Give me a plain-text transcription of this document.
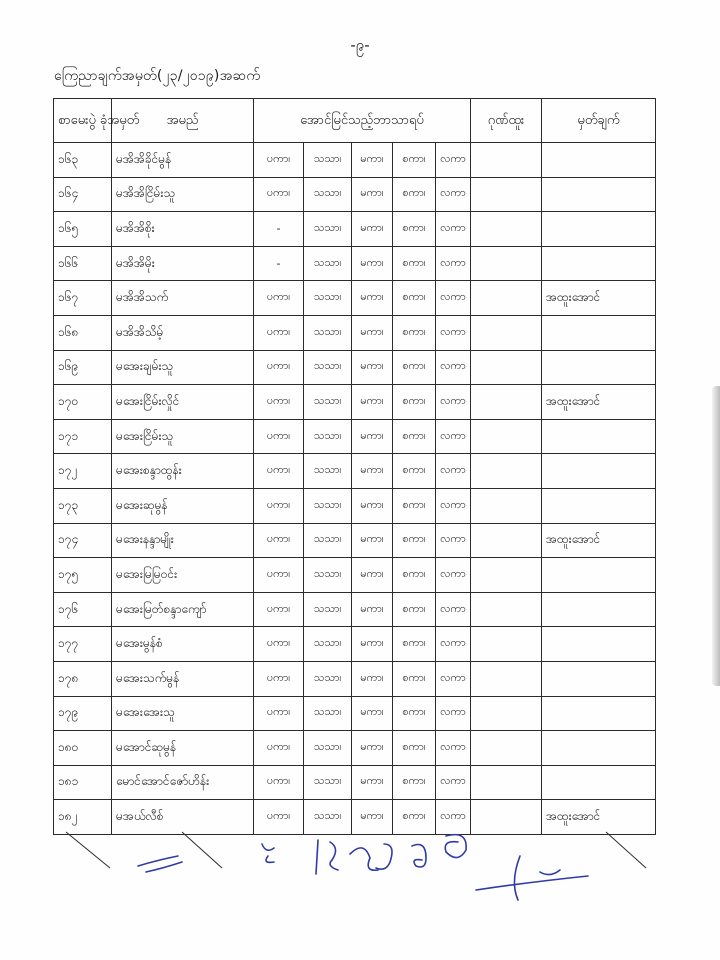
-၉-
ကြေညာချက်အမှတ်(၂၃/၂၀၁၉)အဆက်
စာမေးပွဲ ခုံအမှတ်	အမည်	အောင်မြင်သည့်ဘာသာရပ်					ဂုဏ်ထူး	မှတ်ချက်
၁၆၃	မအိအိခိုင်မွန်	ပကာ၊	သသာ၊	မကာ၊	စကာ၊	လကာ		
၁၆၄	မအိအိငြိမ်းသူ	ပကာ၊	သသာ၊	မကာ၊	စကာ၊	လကာ		
၁၆၅	မအိအိစိုး	-	သသာ၊	မကာ၊	စကာ၊	လကာ		
၁၆၆	မအိအိမိုး	-	သသာ၊	မကာ၊	စကာ၊	လကာ		
၁၆၇	မအိအိသက်	ပကာ၊	သသာ၊	မကာ၊	စကာ၊	လကာ		အထူးအောင်
၁၆၈	မအိအိသိမ့်	ပကာ၊	သသာ၊	မကာ၊	စကာ၊	လကာ		
၁၆၉	မအေးချမ်းသူ	ပကာ၊	သသာ၊	မကာ၊	စကာ၊	လကာ		
၁၇၀	မအေးငြိမ်းလှိုင်	ပကာ၊	သသာ၊	မကာ၊	စကာ၊	လကာ		အထူးအောင်
၁၇၁	မအေးငြိမ်းသူ	ပကာ၊	သသာ၊	မကာ၊	စကာ၊	လကာ		
၁၇၂	မအေးစန္ဒာထွန်း	ပကာ၊	သသာ၊	မကာ၊	စကာ၊	လကာ		
၁၇၃	မအေးဆုမွန်	ပကာ၊	သသာ၊	မကာ၊	စကာ၊	လကာ		
၁၇၄	မအေးနန္ဒာမျိုး	ပကာ၊	သသာ၊	မကာ၊	စကာ၊	လကာ		အထူးအောင်
၁၇၅	မအေးမြမြဝင်း	ပကာ၊	သသာ၊	မကာ၊	စကာ၊	လကာ		
၁၇၆	မအေးမြတ်စန္ဒာကျော်	ပကာ၊	သသာ၊	မကာ၊	စကာ၊	လကာ		
၁၇၇	မအေးမွန်စံ	ပကာ၊	သသာ၊	မကာ၊	စကာ၊	လကာ		
၁၇၈	မအေးသက်မွန်	ပကာ၊	သသာ၊	မကာ၊	စကာ၊	လကာ		
၁၇၉	မအေးအေးသူ	ပကာ၊	သသာ၊	မကာ၊	စကာ၊	လကာ		
၁၈၀	မအောင်ဆုမွန်	ပကာ၊	သသာ၊	မကာ၊	စကာ၊	လကာ		
၁၈၁	မောင်အောင်ဇော်ဟိန်း	ပကာ၊	သသာ၊	မကာ၊	စကာ၊	လကာ		
၁၈၂	မအယ်လီစ်	ပကာ၊	သသာ၊	မကာ၊	စကာ၊	လကာ		အထူးအောင်
